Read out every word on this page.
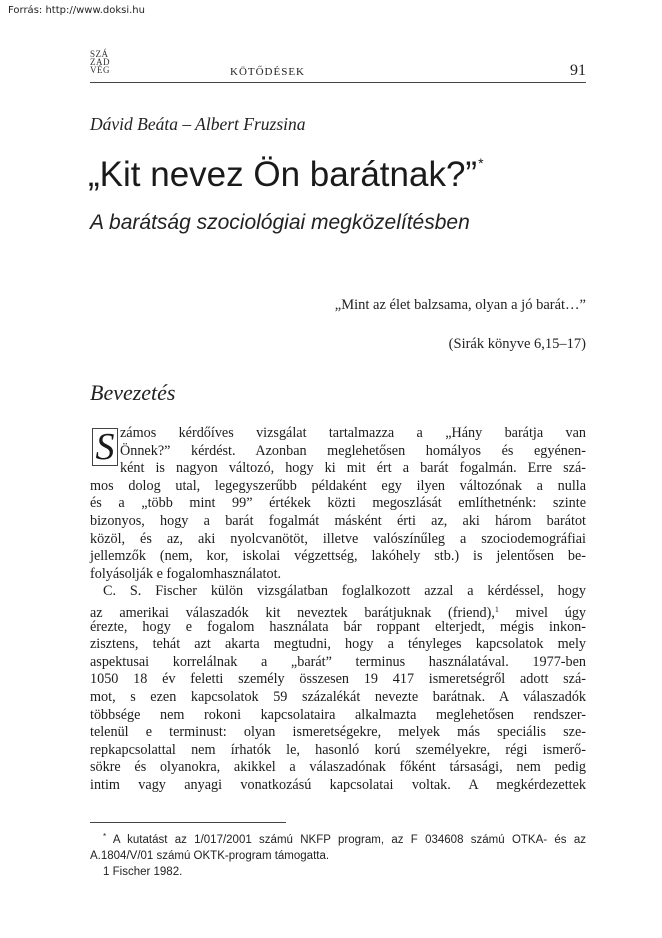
Forrás: http://www.doksi.hu
SZÁ
ZAD
VÉG	KÖTŐDÉSEK	91
Dávid Beáta – Albert Fruzsina
„Kit nevez Ön barátnak?”*
A barátság szociológiai megközelítésben
„Mint az élet balzsama, olyan a jó barát…”
(Sirák könyve 6,15–17)
Bevezetés
S zámos kérdőíves vizsgálat tartalmazza a „Hány barátja van
Önnek?” kérdést. Azonban meglehetősen homályos és egyénen-
ként is nagyon változó, hogy ki mit ért a barát fogalmán. Erre szá-
mos dolog utal, legegyszerűbb példaként egy ilyen változónak a nulla
és a „több mint 99” értékek közti megoszlását említhetnénk: szinte
bizonyos, hogy a barát fogalmát másként érti az, aki három barátot
közöl, és az, aki nyolcvanötöt, illetve valószínűleg a szociodemográfiai
jellemzők (nem, kor, iskolai végzettség, lakóhely stb.) is jelentősen be-
folyásolják e fogalomhasználatot.
C. S. Fischer külön vizsgálatban foglalkozott azzal a kérdéssel, hogy
az amerikai válaszadók kit neveztek barátjuknak (friend),$^1$ mivel úgy
érezte, hogy e fogalom használata bár roppant elterjedt, mégis inkon-
zisztens, tehát azt akarta megtudni, hogy a tényleges kapcsolatok mely
aspektusai korrelálnak a „barát” terminus használatával. 1977-ben
1050 18 év feletti személy összesen 19 417 ismeretségről adott szá-
mot, s ezen kapcsolatok 59 százalékát nevezte barátnak. A válaszadók
többsége nem rokoni kapcsolataira alkalmazta meglehetősen rendszer-
telenül e terminust: olyan ismeretségekre, melyek más speciális sze-
repkapcsolattal nem írhatók le, hasonló korú személyekre, régi ismerő-
sökre és olyanokra, akikkel a válaszadónak főként társasági, nem pedig
intim vagy anyagi vonatkozású kapcsolatai voltak. A megkérdezettek
* A kutatást az 1/017/2001 számú NKFP program, az F 034608 számú OTKA- és az
A.1804/V/01 számú OKTK-program támogatta.
1 Fischer 1982.
